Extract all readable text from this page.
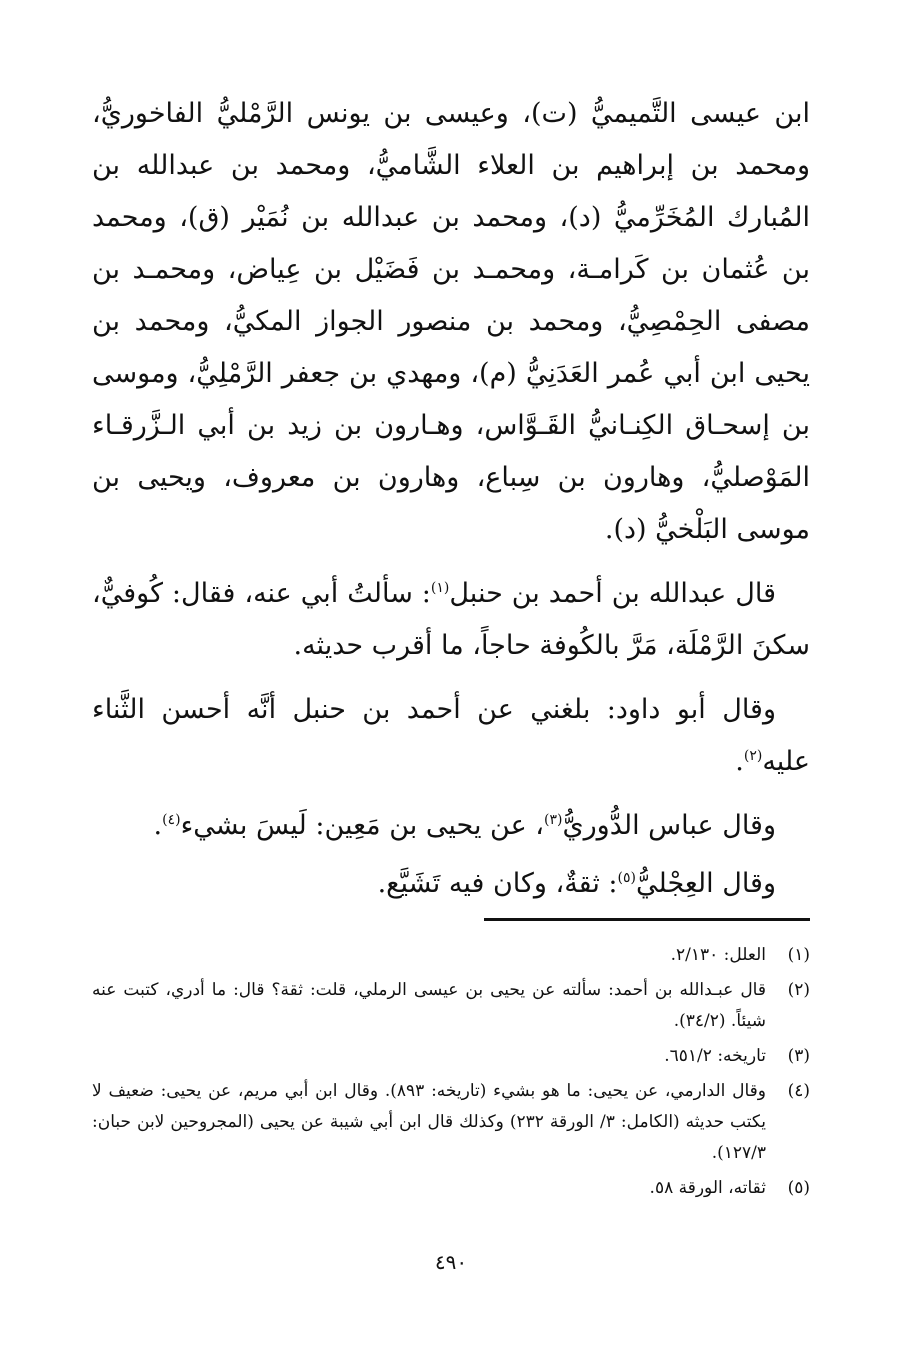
ابن عيسى التَّميميُّ (ت)، وعيسى بن يونس الرَّمْليُّ الفاخوريُّ، ومحمد بن إبراهيم بن العلاء الشَّاميُّ، ومحمد بن عبدالله بن المُبارك المُخَرِّميُّ (د)، ومحمد بن عبدالله بن نُمَيْر (ق)، ومحمد بن عُثمان بن كَرامـة، ومحمـد بن فَضَيْل بن عِياض، ومحمـد بن مصفى الحِمْصِيُّ، ومحمد بن منصور الجواز المكيُّ، ومحمد بن يحيى ابن أبي عُمر العَدَنِيُّ (م)، ومهدي بن جعفر الرَّمْلِيُّ، وموسى بن إسحـاق الكِنـانيُّ القَـوَّاس، وهـارون بن زيد بن أبي الـزَّرقـاء المَوْصليُّ، وهارون بن سِباع، وهارون بن معروف، ويحيى بن موسى البَلْخيُّ (د).

قال عبدالله بن أحمد بن حنبل$^{(١)}$: سألتُ أبي عنه، فقال: كُوفيٌّ، سكنَ الرَّمْلَة، مَرَّ بالكُوفة حاجاً، ما أقرب حديثه.

وقال أبو داود: بلغني عن أحمد بن حنبل أنَّه أحسن الثَّناء عليه$^{(٢)}$.

وقال عباس الدُّوريُّ$^{(٣)}$، عن يحيى بن مَعِين: لَيسَ بشيء$^{(٤)}$.

وقال العِجْليُّ$^{(٥)}$: ثقةٌ، وكان فيه تَشَيَّع.

(١)
العلل: ٢/١٣٠.
(٢)
قال عبـدالله بن أحمد: سألته عن يحيى بن عيسى الرملي، قلت: ثقة؟ قال: ما أدري، كتبت عنه شيئاً. (٣٤/٢).
(٣)
تاريخه: ٦٥١/٢.
(٤)
وقال الدارمي، عن يحيى: ما هو بشيء (تاريخه: ٨٩٣). وقال ابن أبي مريم، عن يحيى: ضعيف لا يكتب حديثه (الكامل: ٣/ الورقة ٢٣٢) وكذلك قال ابن أبي شيبة عن يحيى (المجروحين لابن حبان: ١٢٧/٣).
(٥)
ثقاته، الورقة ٥٨.
٤٩٠
